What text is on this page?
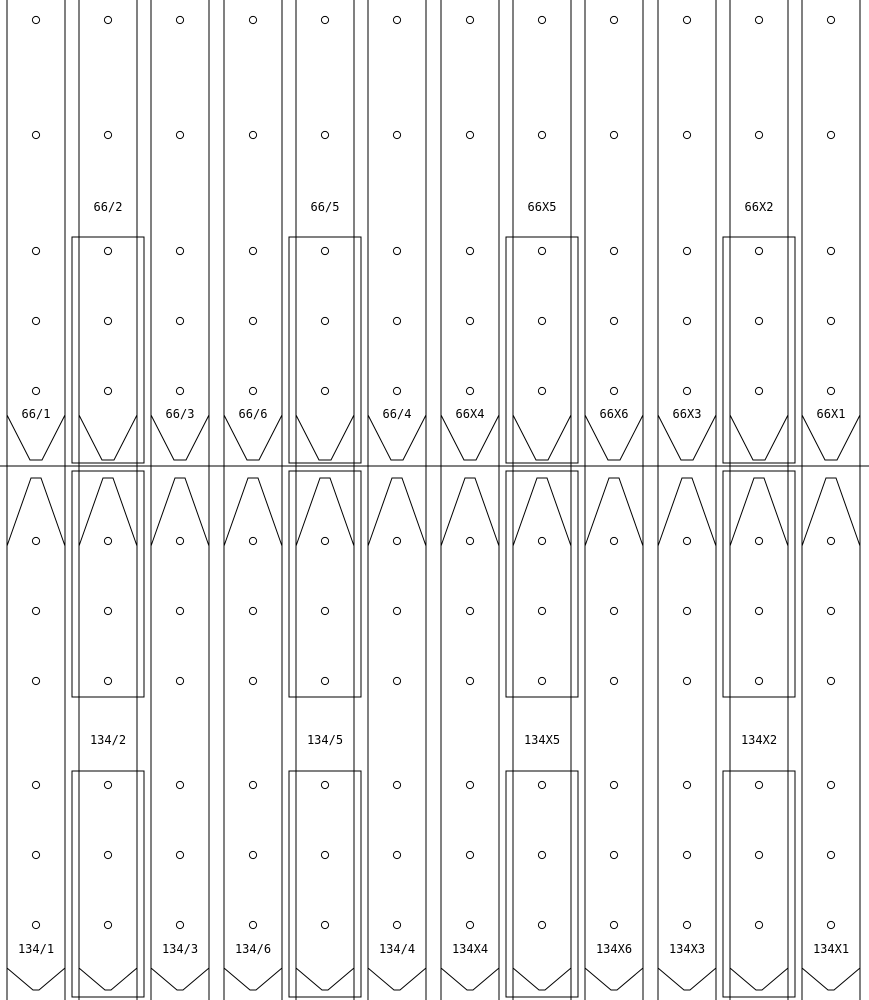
66/1
134/1
66/2
134/2
66/3
134/3
66/6
134/6
66/5
134/5
66/4
134/4
66X4
134X4
66X5
134X5
66X6
134X6
66X3
134X3
66X2
134X2
66X1
134X1
